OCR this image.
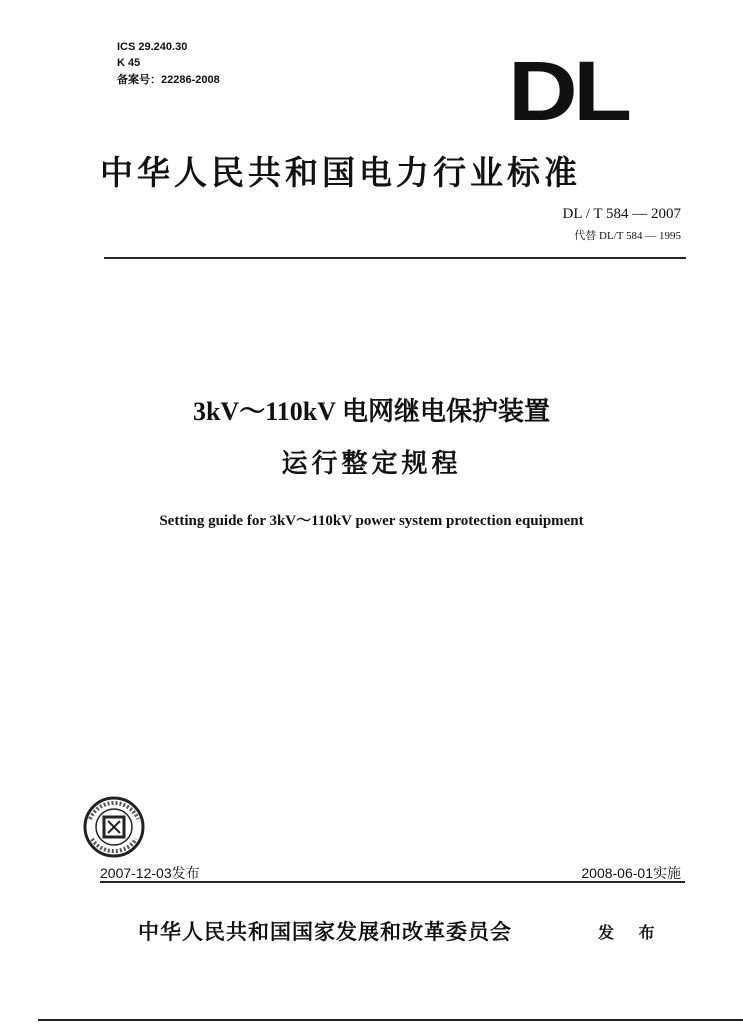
ICS 29.240.30
K 45
备案号：22286-2008	DL
中华人民共和国电力行业标准
DL / T 584 — 2007
代替 DL/T 584 — 1995
3kV～110kV 电网继电保护装置
运行整定规程
Setting guide for 3kV～110kV power system protection equipment
2007-12-03发布	2008-06-01实施
中华人民共和国国家发展和改革委员会	发 布
